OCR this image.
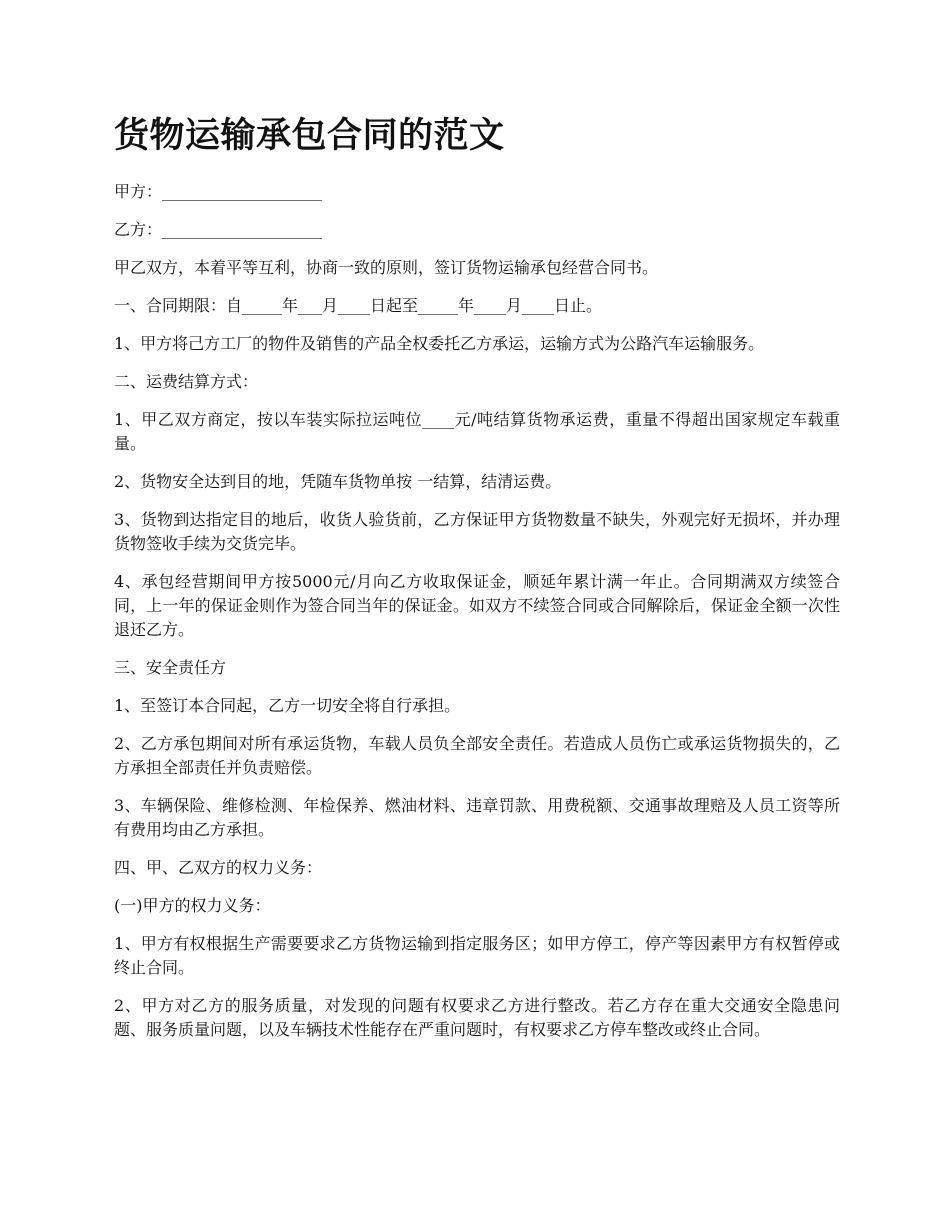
货物运输承包合同的范文

甲方：____________________

乙方：____________________

甲乙双方，本着平等互利，协商一致的原则，签订货物运输承包经营合同书。

一、合同期限：自_____年___月____日起至_____年____月____日止。

1、甲方将己方工厂的物件及销售的产品全权委托乙方承运，运输方式为公路汽车运输服务。

二、运费结算方式：

1、甲乙双方商定，按以车装实际拉运吨位____元/吨结算货物承运费，重量不得超出国家规定车载重量。

2、货物安全达到目的地，凭随车货物单按 一结算，结清运费。

3、货物到达指定目的地后，收货人验货前，乙方保证甲方货物数量不缺失，外观完好无损坏，并办理货物签收手续为交货完毕。

4、承包经营期间甲方按5000元/月向乙方收取保证金，顺延年累计满一年止。合同期满双方续签合同，上一年的保证金则作为签合同当年的保证金。如双方不续签合同或合同解除后，保证金全额一次性退还乙方。

三、安全责任方

1、至签订本合同起，乙方一切安全将自行承担。

2、乙方承包期间对所有承运货物，车载人员负全部安全责任。若造成人员伤亡或承运货物损失的，乙方承担全部责任并负责赔偿。

3、车辆保险、维修检测、年检保养、燃油材料、违章罚款、用费税额、交通事故理赔及人员工资等所有费用均由乙方承担。

四、甲、乙双方的权力义务：

(一)甲方的权力义务：

1、甲方有权根据生产需要要求乙方货物运输到指定服务区；如甲方停工，停产等因素甲方有权暂停或终止合同。

2、甲方对乙方的服务质量，对发现的问题有权要求乙方进行整改。若乙方存在重大交通安全隐患问题、服务质量问题，以及车辆技术性能存在严重问题时，有权要求乙方停车整改或终止合同。
